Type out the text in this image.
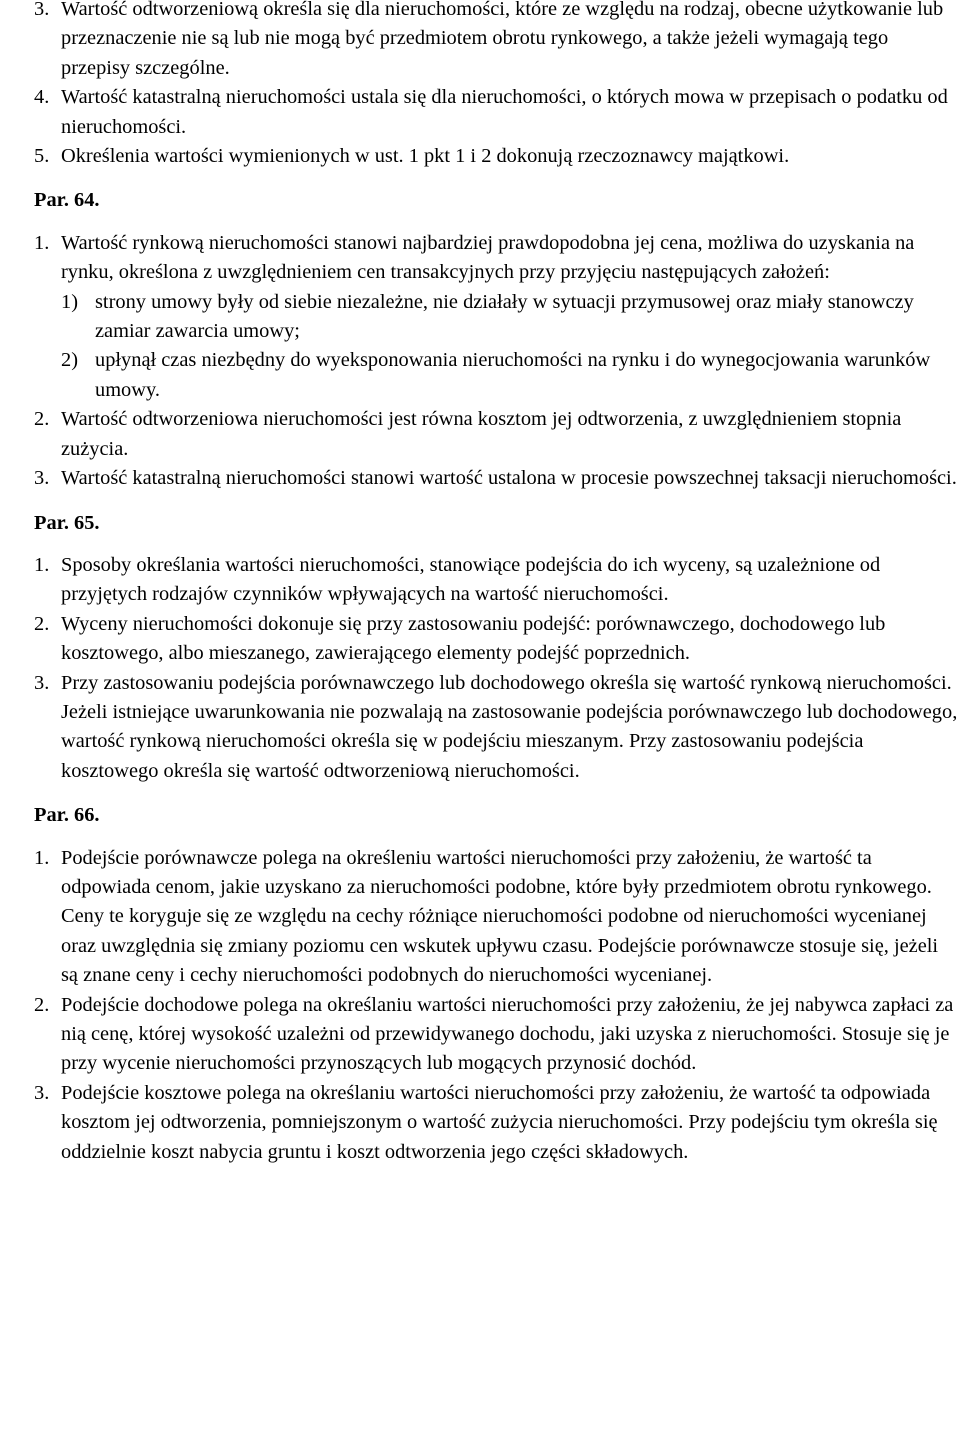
3. Wartość odtworzeniową określa się dla nieruchomości, które ze względu na rodzaj, obecne użytkowanie lub przeznaczenie nie są lub nie mogą być przedmiotem obrotu rynkowego, a także jeżeli wymagają tego przepisy szczególne.

4. Wartość katastralną nieruchomości ustala się dla nieruchomości, o których mowa w przepisach o podatku od nieruchomości.

5. Określenia wartości wymienionych w ust. 1 pkt 1 i 2 dokonują rzeczoznawcy majątkowi.

Par. 64.

1. Wartość rynkową nieruchomości stanowi najbardziej prawdopodobna jej cena, możliwa do uzyskania na rynku, określona z uwzględnieniem cen transakcyjnych przy przyjęciu następujących założeń:

1) strony umowy były od siebie niezależne, nie działały w sytuacji przymusowej oraz miały stanowczy zamiar zawarcia umowy;

2) upłynął czas niezbędny do wyeksponowania nieruchomości na rynku i do wynegocjowania warunków umowy.

2. Wartość odtworzeniowa nieruchomości jest równa kosztom jej odtworzenia, z uwzględnieniem stopnia zużycia.

3. Wartość katastralną nieruchomości stanowi wartość ustalona w procesie powszechnej taksacji nieruchomości.

Par. 65.

1. Sposoby określania wartości nieruchomości, stanowiące podejścia do ich wyceny, są uzależnione od przyjętych rodzajów czynników wpływających na wartość nieruchomości.

2. Wyceny nieruchomości dokonuje się przy zastosowaniu podejść: porównawczego, dochodowego lub kosztowego, albo mieszanego, zawierającego elementy podejść poprzednich.

3. Przy zastosowaniu podejścia porównawczego lub dochodowego określa się wartość rynkową nieruchomości. Jeżeli istniejące uwarunkowania nie pozwalają na zastosowanie podejścia porównawczego lub dochodowego, wartość rynkową nieruchomości określa się w podejściu mieszanym. Przy zastosowaniu podejścia kosztowego określa się wartość odtworzeniową nieruchomości.

Par. 66.

1. Podejście porównawcze polega na określeniu wartości nieruchomości przy założeniu, że wartość ta odpowiada cenom, jakie uzyskano za nieruchomości podobne, które były przedmiotem obrotu rynkowego. Ceny te koryguje się ze względu na cechy różniące nieruchomości podobne od nieruchomości wycenianej oraz uwzględnia się zmiany poziomu cen wskutek upływu czasu. Podejście porównawcze stosuje się, jeżeli są znane ceny i cechy nieruchomości podobnych do nieruchomości wycenianej.

2. Podejście dochodowe polega na określaniu wartości nieruchomości przy założeniu, że jej nabywca zapłaci za nią cenę, której wysokość uzależni od przewidywanego dochodu, jaki uzyska z nieruchomości. Stosuje się je przy wycenie nieruchomości przynoszących lub mogących przynosić dochód.

3. Podejście kosztowe polega na określaniu wartości nieruchomości przy założeniu, że wartość ta odpowiada kosztom jej odtworzenia, pomniejszonym o wartość zużycia nieruchomości. Przy podejściu tym określa się oddzielnie koszt nabycia gruntu i koszt odtworzenia jego części składowych.
